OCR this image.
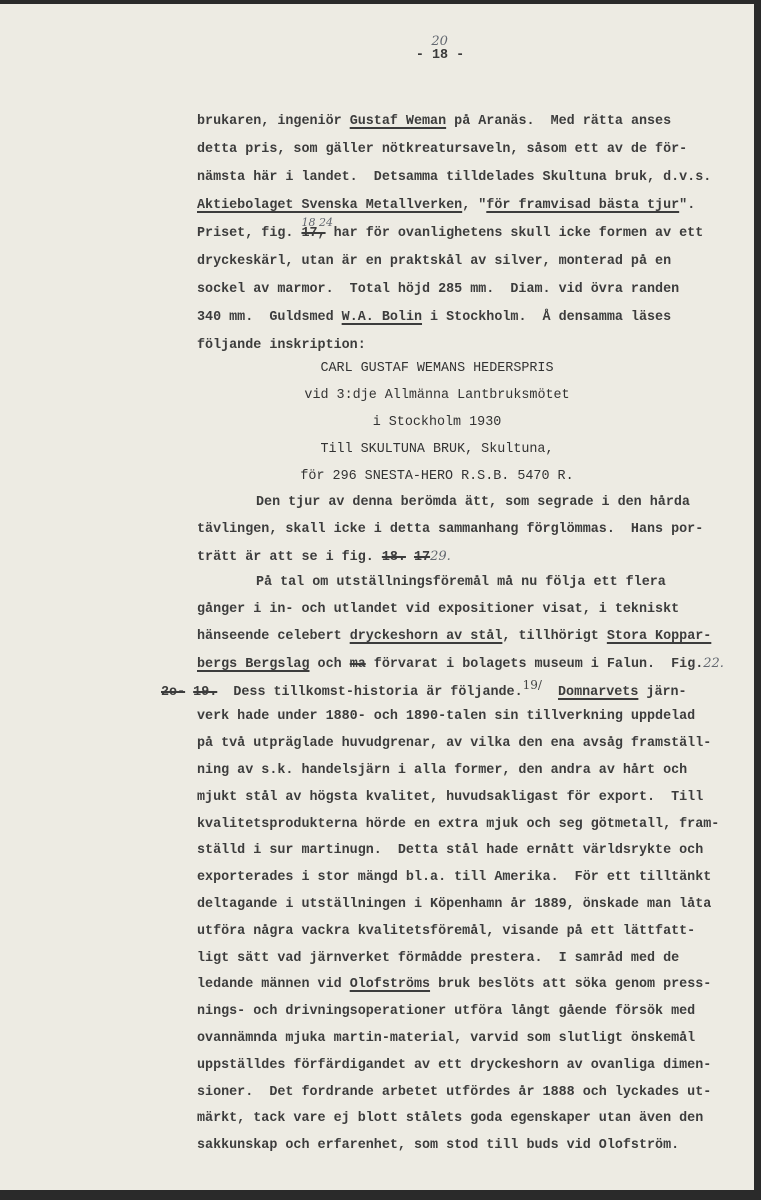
20
- 18 -
brukaren, ingeniör Gustaf Weman på Aranäs.  Med rätta anses
detta pris, som gäller nötkreatursaveln, såsom ett av de för-
nämsta här i landet.  Detsamma tilldelades Skultuna bruk, d.v.s.
Aktiebolaget Svenska Metallverken, "för framvisad bästa tjur".
Priset, fig.
18 24
17, har för ovanlighetens skull icke formen av ett
dryckeskärl, utan är en praktskål av silver, monterad på en
sockel av marmor.  Total höjd 285 mm.  Diam. vid övra randen
340 mm.  Guldsmed W.A. Bolin i Stockholm.  Å densamma läses
följande inskription:
CARL GUSTAF WEMANS HEDERSPRIS
vid 3:dje Allmänna Lantbruksmötet
i Stockholm 1930
Till SKULTUNA BRUK, Skultuna,
för 296 SNESTA-HERO R.S.B. 5470 R.
Den tjur av denna berömda ätt, som segrade i den hårda
tävlingen, skall icke i detta sammanhang förglömmas.  Hans por-
trätt är att se i fig. 18. 1729.
På tal om utställningsföremål må nu följa ett flera
gånger i in- och utlandet vid expositioner visat, i tekniskt
hänseende celebert dryckeshorn av stål, tillhörigt Stora Koppar-
bergs Bergslag och ma förvarat i bolagets museum i Falun.  Fig.22.
2o- 19.  Dess tillkomst-historia är följande.19/ Domnarvets järn-
verk hade under 1880- och 1890-talen sin tillverkning uppdelad
på två utpräglade huvudgrenar, av vilka den ena avsåg framställ-
ning av s.k. handelsjärn i alla former, den andra av hårt och
mjukt stål av högsta kvalitet, huvudsakligast för export.  Till
kvalitetsprodukterna hörde en extra mjuk och seg götmetall, fram-
ställd i sur martinugn.  Detta stål hade ernått världsrykte och
exporterades i stor mängd bl.a. till Amerika.  För ett tilltänkt
deltagande i utställningen i Köpenhamn år 1889, önskade man låta
utföra några vackra kvalitetsföremål, visande på ett lättfatt-
ligt sätt vad järnverket förmådde prestera.  I samråd med de
ledande männen vid Olofströms bruk beslöts att söka genom press-
nings- och drivningsoperationer utföra långt gående försök med
ovannämnda mjuka martin-material, varvid som slutligt önskemål
uppställdes förfärdigandet av ett dryckeshorn av ovanliga dimen-
sioner.  Det fordrande arbetet utfördes år 1888 och lyckades ut-
märkt, tack vare ej blott stålets goda egenskaper utan även den
sakkunskap och erfarenhet, som stod till buds vid Olofström.
